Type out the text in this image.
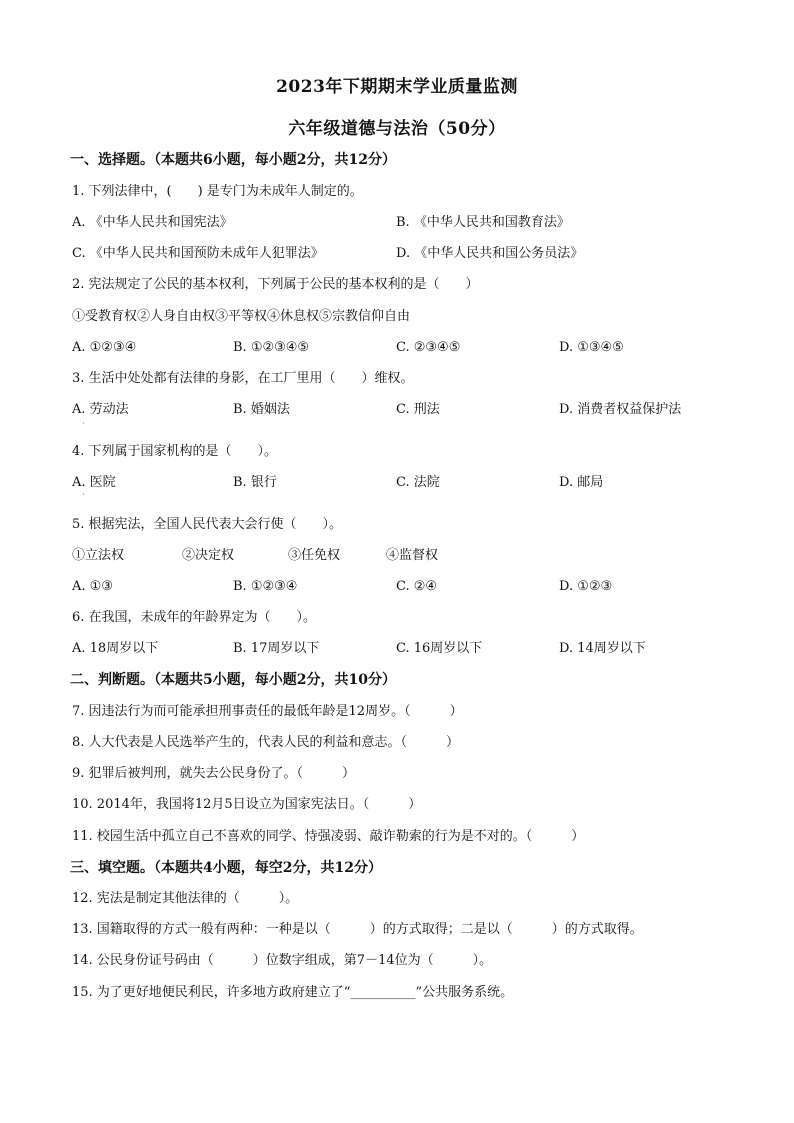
2023年下期期末学业质量监测
六年级道德与法治（50分）
一、选择题。（本题共6小题，每小题2分，共12分）
1. 下列法律中，(　　) 是专门为未成年人制定的。
A. 《中华人民共和国宪法》	B. 《中华人民共和国教育法》
C. 《中华人民共和国预防未成年人犯罪法》	D. 《中华人民共和国公务员法》
2. 宪法规定了公民的基本权利，下列属于公民的基本权利的是（　　）
①受教育权②人身自由权③平等权④休息权⑤宗教信仰自由
A. ①②③④	B. ①②③④⑤	C. ②③④⑤	D. ①③④⑤
3. 生活中处处都有法律的身影，在工厂里用（　　）维权。
A. 劳动法	B. 婚姻法	C. 刑法	D. 消费者权益保护法
·
4. 下列属于国家机构的是（　　）。
A. 医院	B. 银行	C. 法院	D. 邮局
·
5. 根据宪法，全国人民代表大会行使（　　）。
①立法权	②决定权	③任免权	④监督权
A. ①③	B. ①②③④	C. ②④	D. ①②③
6. 在我国，未成年的年龄界定为（　　）。
A. 18周岁以下	B. 17周岁以下	C. 16周岁以下	D. 14周岁以下
二、判断题。（本题共5小题，每小题2分，共10分）
7. 因违法行为而可能承担刑事责任的最低年龄是12周岁。（　　　）
8. 人大代表是人民选举产生的，代表人民的利益和意志。（　　　）
9. 犯罪后被判刑，就失去公民身份了。（　　　）
10. 2014年，我国将12月5日设立为国家宪法日。（　　　）
11. 校园生活中孤立自己不喜欢的同学、恃强凌弱、敲诈勒索的行为是不对的。（　　　）
三、填空题。（本题共4小题，每空2分，共12分）
12. 宪法是制定其他法律的（　　　）。
13. 国籍取得的方式一般有两种：一种是以（　　　）的方式取得；二是以（　　　）的方式取得。
14. 公民身份证号码由（　　　）位数字组成，第7－14位为（　　　）。
15. 为了更好地便民利民，许多地方政府建立了“__________”公共服务系统。
